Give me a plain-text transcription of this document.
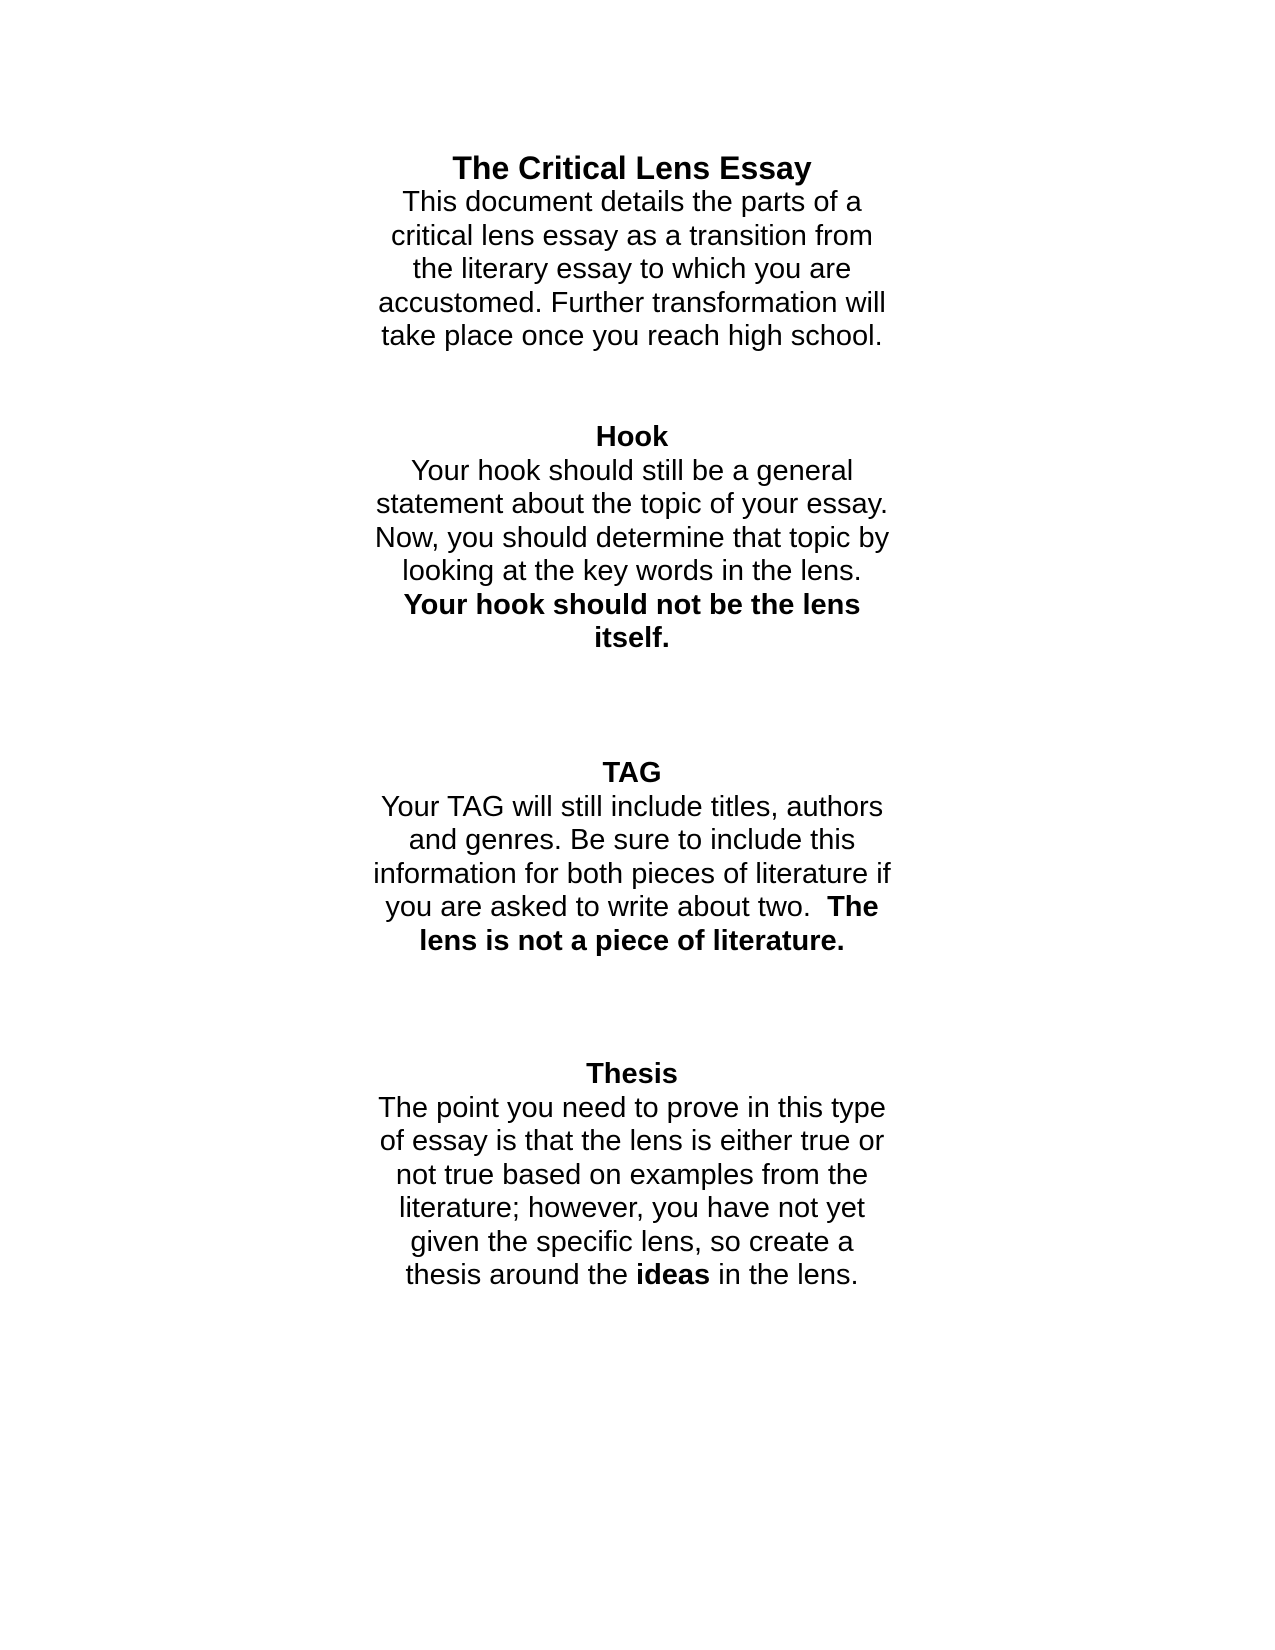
The Critical Lens Essay

This document details the parts of a

critical lens essay as a transition from

the literary essay to which you are

accustomed. Further transformation will

take place once you reach high school.

Hook

Your hook should still be a general

statement about the topic of your essay.

Now, you should determine that topic by

looking at the key words in the lens.

Your hook should not be the lens

itself.

TAG

Your TAG will still include titles, authors

and genres. Be sure to include this

information for both pieces of literature if

you are asked to write about two.  The

lens is not a piece of literature.

Thesis

The point you need to prove in this type

of essay is that the lens is either true or

not true based on examples from the

literature; however, you have not yet

given the specific lens, so create a

thesis around the ideas in the lens.
